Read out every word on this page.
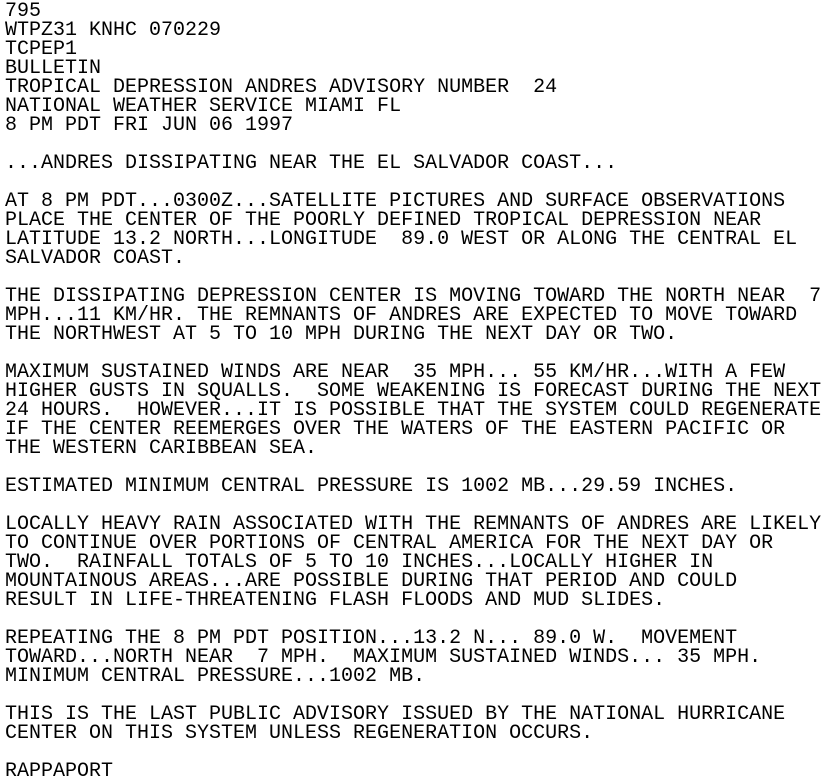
795
WTPZ31 KNHC 070229
TCPEP1
BULLETIN
TROPICAL DEPRESSION ANDRES ADVISORY NUMBER  24
NATIONAL WEATHER SERVICE MIAMI FL
8 PM PDT FRI JUN 06 1997
...ANDRES DISSIPATING NEAR THE EL SALVADOR COAST...
AT 8 PM PDT...0300Z...SATELLITE PICTURES AND SURFACE OBSERVATIONS
PLACE THE CENTER OF THE POORLY DEFINED TROPICAL DEPRESSION NEAR
LATITUDE 13.2 NORTH...LONGITUDE  89.0 WEST OR ALONG THE CENTRAL EL
SALVADOR COAST.
THE DISSIPATING DEPRESSION CENTER IS MOVING TOWARD THE NORTH NEAR  7
MPH...11 KM/HR. THE REMNANTS OF ANDRES ARE EXPECTED TO MOVE TOWARD
THE NORTHWEST AT 5 TO 10 MPH DURING THE NEXT DAY OR TWO.
MAXIMUM SUSTAINED WINDS ARE NEAR  35 MPH... 55 KM/HR...WITH A FEW
HIGHER GUSTS IN SQUALLS.  SOME WEAKENING IS FORECAST DURING THE NEXT
24 HOURS.  HOWEVER...IT IS POSSIBLE THAT THE SYSTEM COULD REGENERATE
IF THE CENTER REEMERGES OVER THE WATERS OF THE EASTERN PACIFIC OR
THE WESTERN CARIBBEAN SEA.
ESTIMATED MINIMUM CENTRAL PRESSURE IS 1002 MB...29.59 INCHES.
LOCALLY HEAVY RAIN ASSOCIATED WITH THE REMNANTS OF ANDRES ARE LIKELY
TO CONTINUE OVER PORTIONS OF CENTRAL AMERICA FOR THE NEXT DAY OR
TWO.  RAINFALL TOTALS OF 5 TO 10 INCHES...LOCALLY HIGHER IN
MOUNTAINOUS AREAS...ARE POSSIBLE DURING THAT PERIOD AND COULD
RESULT IN LIFE-THREATENING FLASH FLOODS AND MUD SLIDES.
REPEATING THE 8 PM PDT POSITION...13.2 N... 89.0 W.  MOVEMENT
TOWARD...NORTH NEAR  7 MPH.  MAXIMUM SUSTAINED WINDS... 35 MPH.
MINIMUM CENTRAL PRESSURE...1002 MB.
THIS IS THE LAST PUBLIC ADVISORY ISSUED BY THE NATIONAL HURRICANE
CENTER ON THIS SYSTEM UNLESS REGENERATION OCCURS.
RAPPAPORT
